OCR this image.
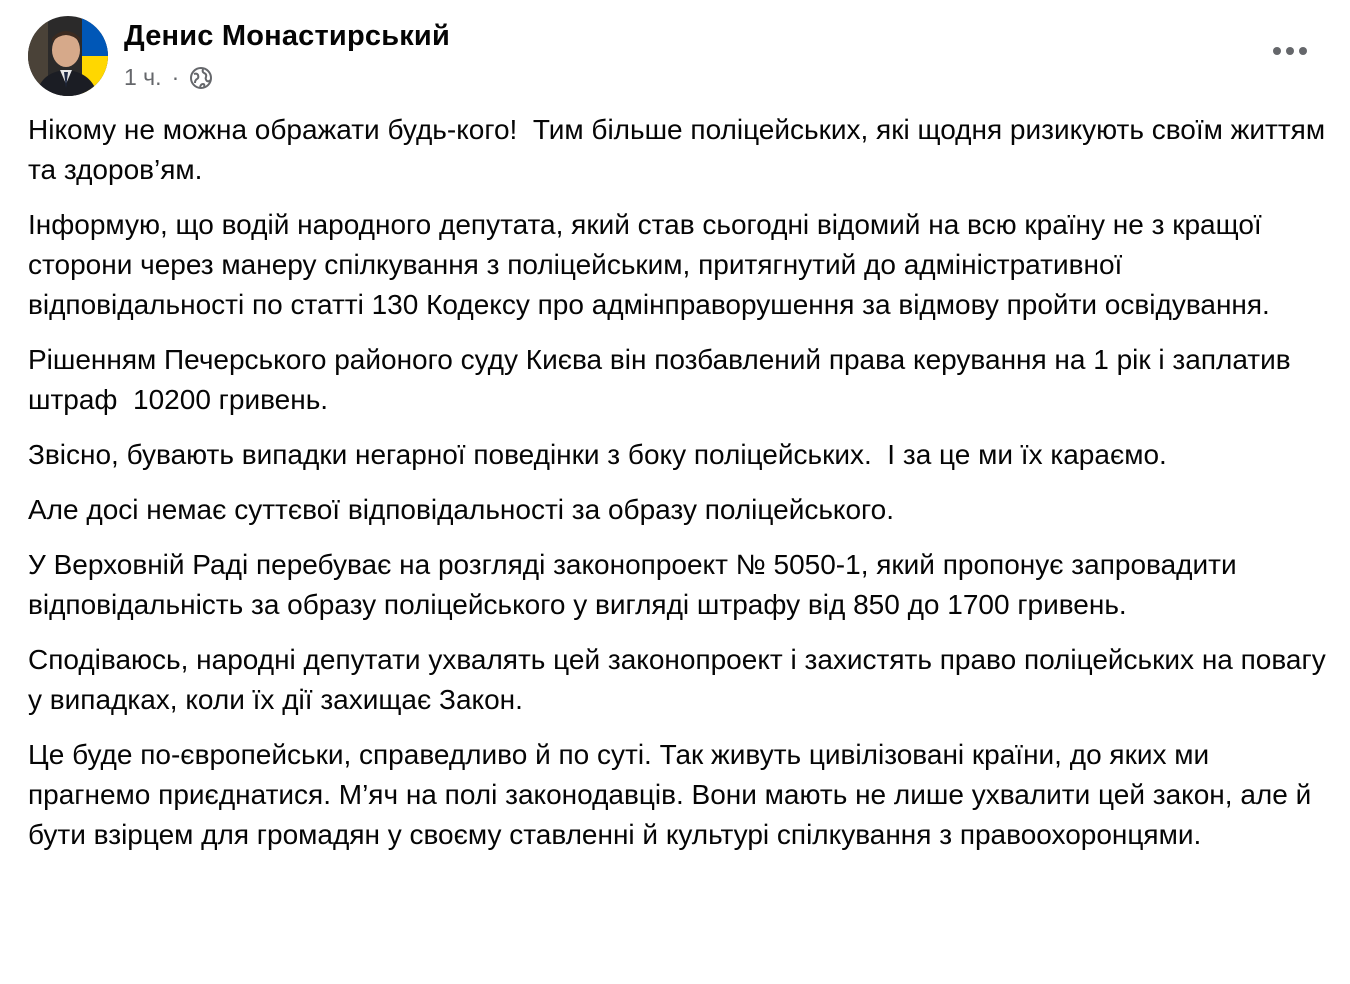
Денис Монастирський
1 ч. ·

Нікому не можна ображати будь-кого!  Тим більше поліцейських, які щодня ризикують своїм життям та здоров’ям.

Інформую, що водій народного депутата, який став сьогодні відомий на всю країну не з кращої сторони через манеру спілкування з поліцейським, притягнутий до адміністративної відповідальності по статті 130 Кодексу про адмінправорушення за відмову пройти освідування.

Рішенням Печерського районого суду Києва він позбавлений права керування на 1 рік і заплатив штраф  10200 гривень.

Звісно, бувають випадки негарної поведінки з боку поліцейських.  І за це ми їх караємо.

Але досі немає суттєвої відповідальності за образу поліцейського.

У Верховній Раді перебуває на розгляді законопроект № 5050-1, який пропонує запровадити відповідальність за образу поліцейського у вигляді штрафу від 850 до 1700 гривень.

Сподіваюсь, народні депутати ухвалять цей законопроект і захистять право поліцейських на повагу у випадках, коли їх дії захищає Закон.

Це буде по-європейськи, справедливо й по суті. Так живуть цивілізовані країни, до яких ми прагнемо приєднатися. М’яч на полі законодавців. Вони мають не лише ухвалити цей закон, але й бути взірцем для громадян у своєму ставленні й культурі спілкування з правоохоронцями.
